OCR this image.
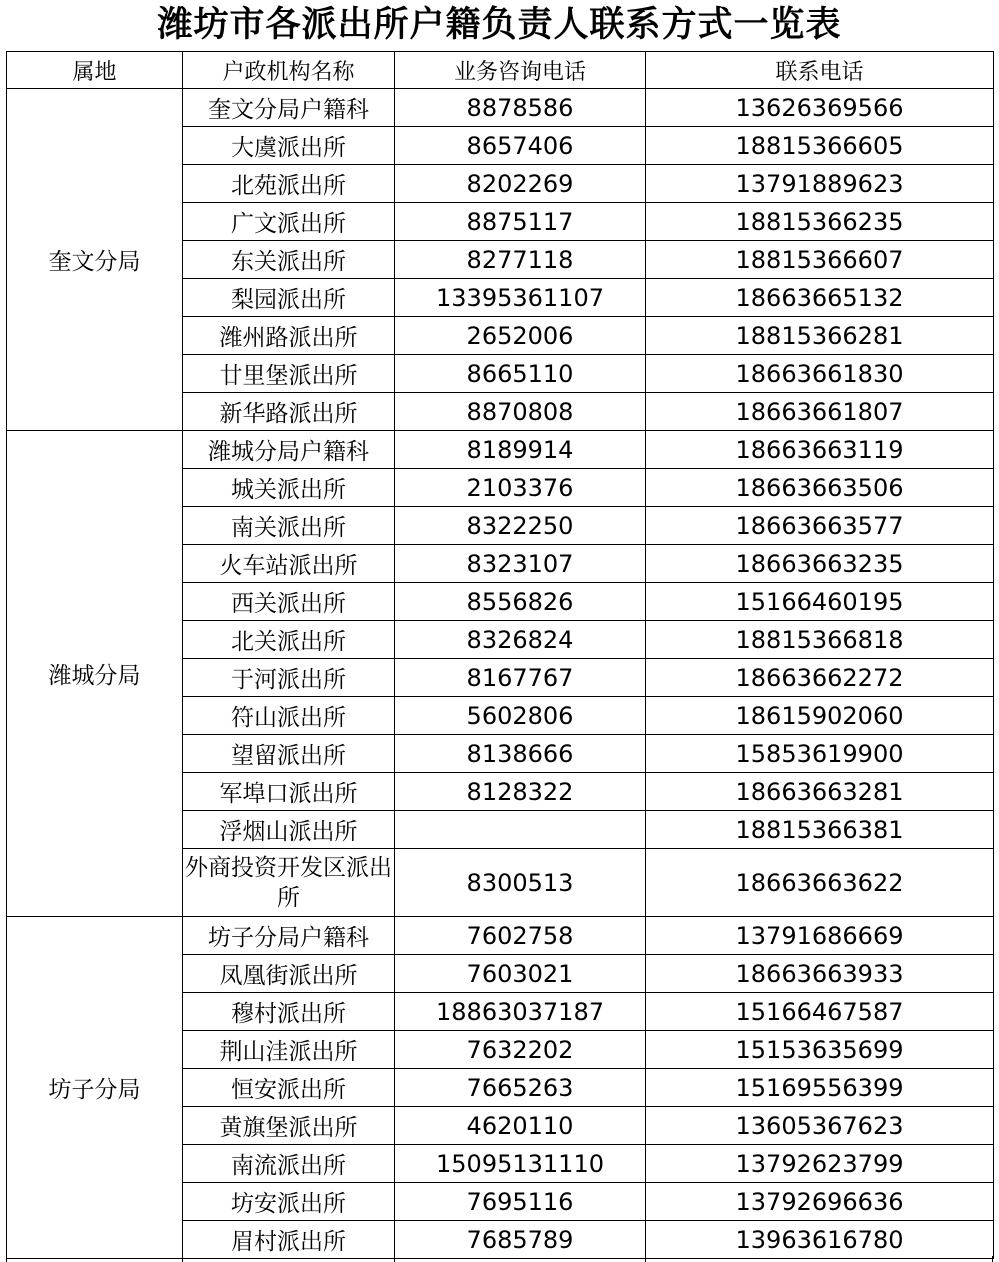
潍坊市各派出所户籍负责人联系方式一览表
属地	户政机构名称	业务咨询电话	联系电话
奎文分局	奎文分局户籍科	8878586	13626369566
	大虞派出所	8657406	18815366605
	北苑派出所	8202269	13791889623
	广文派出所	8875117	18815366235
	东关派出所	8277118	18815366607
	梨园派出所	13395361107	18663665132
	潍州路派出所	2652006	18815366281
	廿里堡派出所	8665110	18663661830
	新华路派出所	8870808	18663661807
潍城分局	潍城分局户籍科	8189914	18663663119
	城关派出所	2103376	18663663506
	南关派出所	8322250	18663663577
	火车站派出所	8323107	18663663235
	西关派出所	8556826	15166460195
	北关派出所	8326824	18815366818
	于河派出所	8167767	18663662272
	符山派出所	5602806	18615902060
	望留派出所	8138666	15853619900
	军埠口派出所	8128322	18663663281
	浮烟山派出所		18815366381
	外商投资开发区派出所	8300513	18663663622
坊子分局	坊子分局户籍科	7602758	13791686669
	凤凰街派出所	7603021	18663663933
	穆村派出所	18863037187	15166467587
	荆山洼派出所	7632202	15153635699
	恒安派出所	7665263	15169556399
	黄旗堡派出所	4620110	13605367623
	南流派出所	15095131110	13792623799
	坊安派出所	7695116	13792696636
	眉村派出所	7685789	13963616780
